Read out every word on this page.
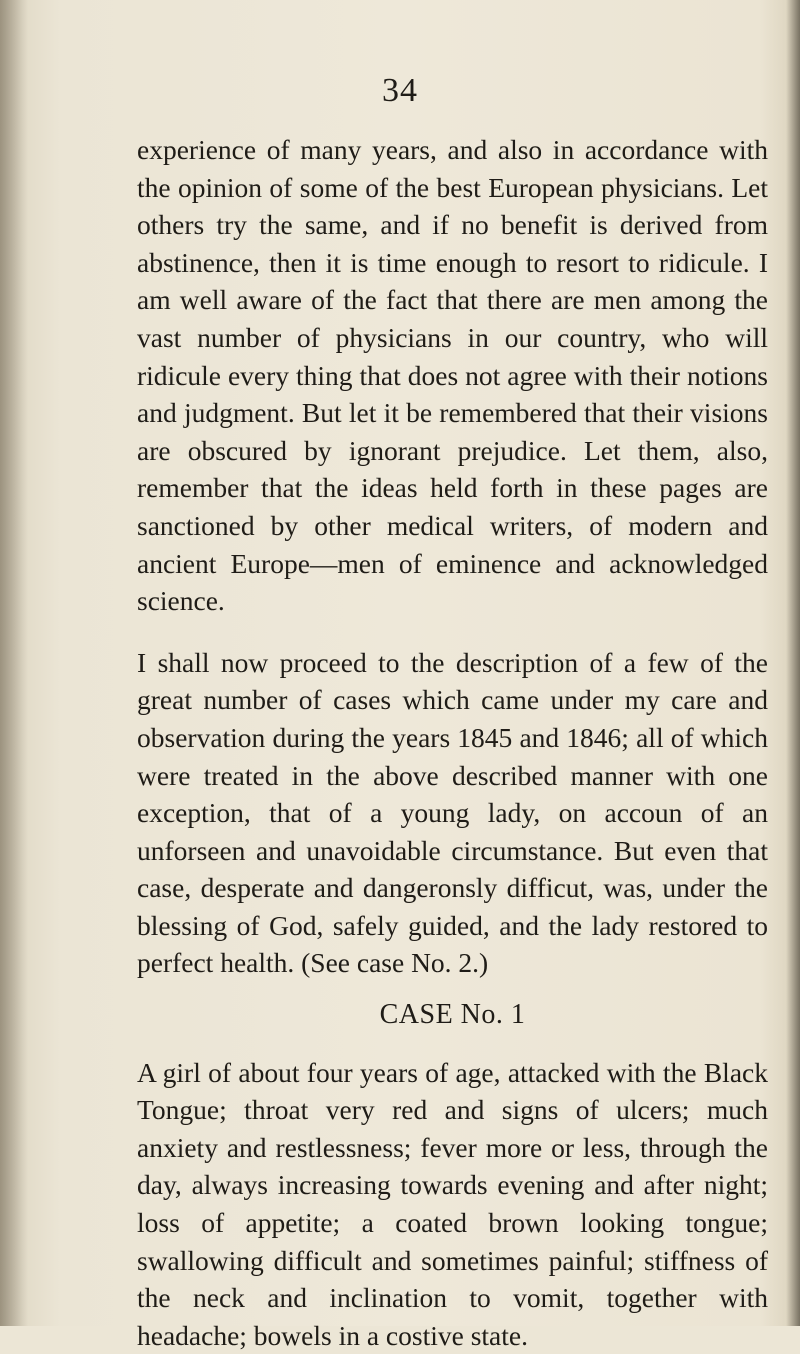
34

experience of many years, and also in accordance with the opinion of some of the best European physicians. Let others try the same, and if no benefit is derived from abstinence, then it is time enough to resort to ridicule. I am well aware of the fact that there are men among the vast number of physicians in our country, who will ridicule every thing that does not agree with their notions and judgment. But let it be remembered that their visions are obscured by ignorant prejudice. Let them, also, remember that the ideas held forth in these pages are sanctioned by other medical writers, of modern and ancient Europe—men of eminence and acknowledged science.

I shall now proceed to the description of a few of the great number of cases which came under my care and observation during the years 1845 and 1846; all of which were treated in the above described manner with one exception, that of a young lady, on accoun of an unforseen and unavoidable circumstance. But even that case, desperate and dangeronsly difficut, was, under the blessing of God, safely guided, and the lady restored to perfect health. (See case No. 2.)

CASE No. 1

A girl of about four years of age, attacked with the Black Tongue; throat very red and signs of ulcers; much anxiety and restlessness; fever more or less, through the day, always increasing towards evening and after night; loss of appetite; a coated brown looking tongue; swallowing difficult and sometimes painful; stiffness of the neck and inclination to vomit, together with headache; bowels in a costive state.
